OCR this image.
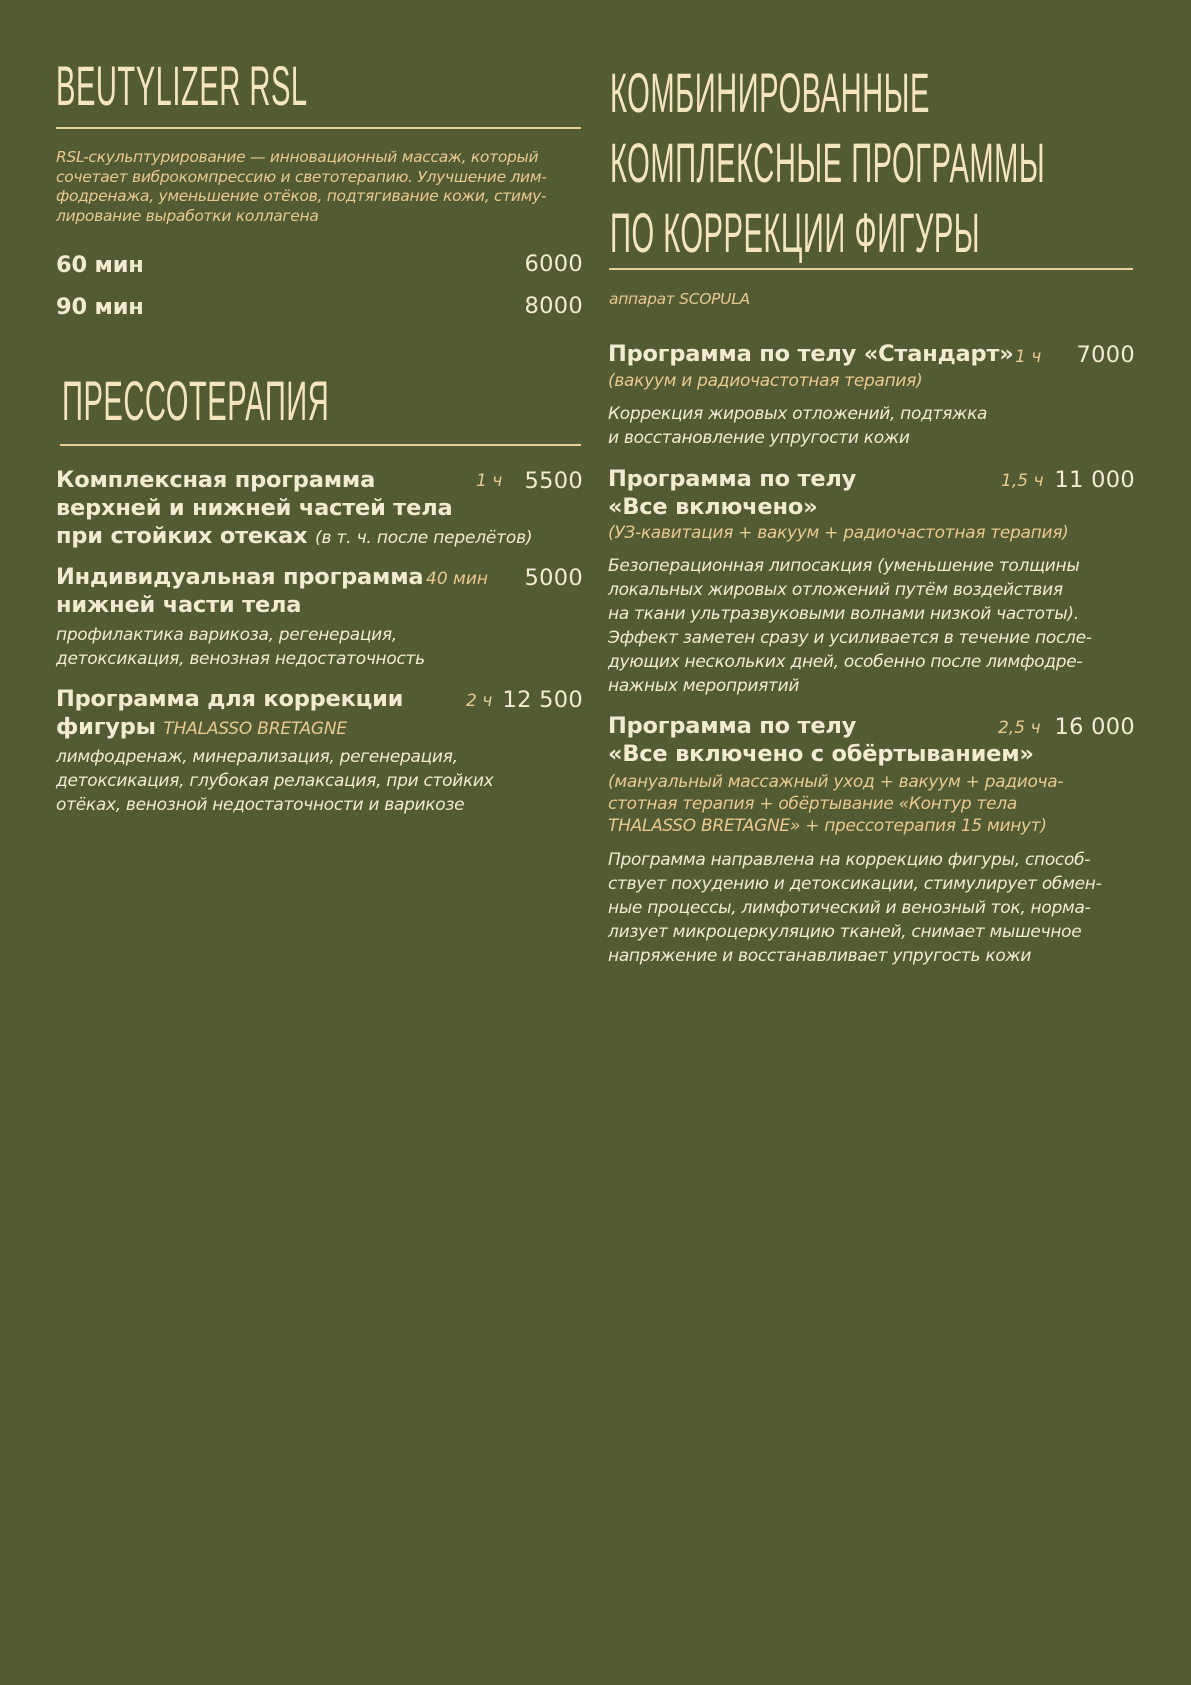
BEUTYLIZER RSL
RSL-скульптурирование — инновационный массаж, который
сочетает виброкомпрессию и светотерапию. Улучшение лим-
фодренажа, уменьшение отёков, подтягивание кожи, стиму-
лирование выработки коллагена
60 мин	6000
90 мин	8000
ПРЕССОТЕРАПИЯ
Комплексная программа
верхней и нижней частей тела
при стойких отеках (в т. ч. после перелётов)
1 ч 5500
Индивидуальная программа
нижней части тела
40 мин 5000
профилактика варикоза, регенерация,
детоксикация, венозная недостаточность
Программа для коррекции
фигуры THALASSO BRETAGNE
2 ч 12 500
лимфодренаж, минерализация, регенерация,
детоксикация, глубокая релаксация, при стойких
отёках, венозной недостаточности и варикозе
КОМБИНИРОВАННЫЕ
КОМПЛЕКСНЫЕ ПРОГРАММЫ
ПО КОРРЕКЦИИ ФИГУРЫ
аппарат SCOPULA
Программа по телу «Стандарт» 1 ч 7000
(вакуум и радиочастотная терапия)
Коррекция жировых отложений, подтяжка
и восстановление упругости кожи
Программа по телу
«Все включено»
1,5 ч 11 000
(УЗ-кавитация + вакуум + радиочастотная терапия)
Безоперационная липосакция (уменьшение толщины
локальных жировых отложений путём воздействия
на ткани ультразвуковыми волнами низкой частоты).
Эффект заметен сразу и усиливается в течение после-
дующих нескольких дней, особенно после лимфодре-
нажных мероприятий
Программа по телу
«Все включено с обёртыванием»
2,5 ч 16 000
(мануальный массажный уход + вакуум + радиоча-
стотная терапия + обёртывание «Контур тела
THALASSO BRETAGNE» + прессотерапия 15 минут)
Программа направлена на коррекцию фигуры, способ-
ствует похудению и детоксикации, стимулирует обмен-
ные процессы, лимфотический и венозный ток, норма-
лизует микроцеркуляцию тканей, снимает мышечное
напряжение и восстанавливает упругость кожи
